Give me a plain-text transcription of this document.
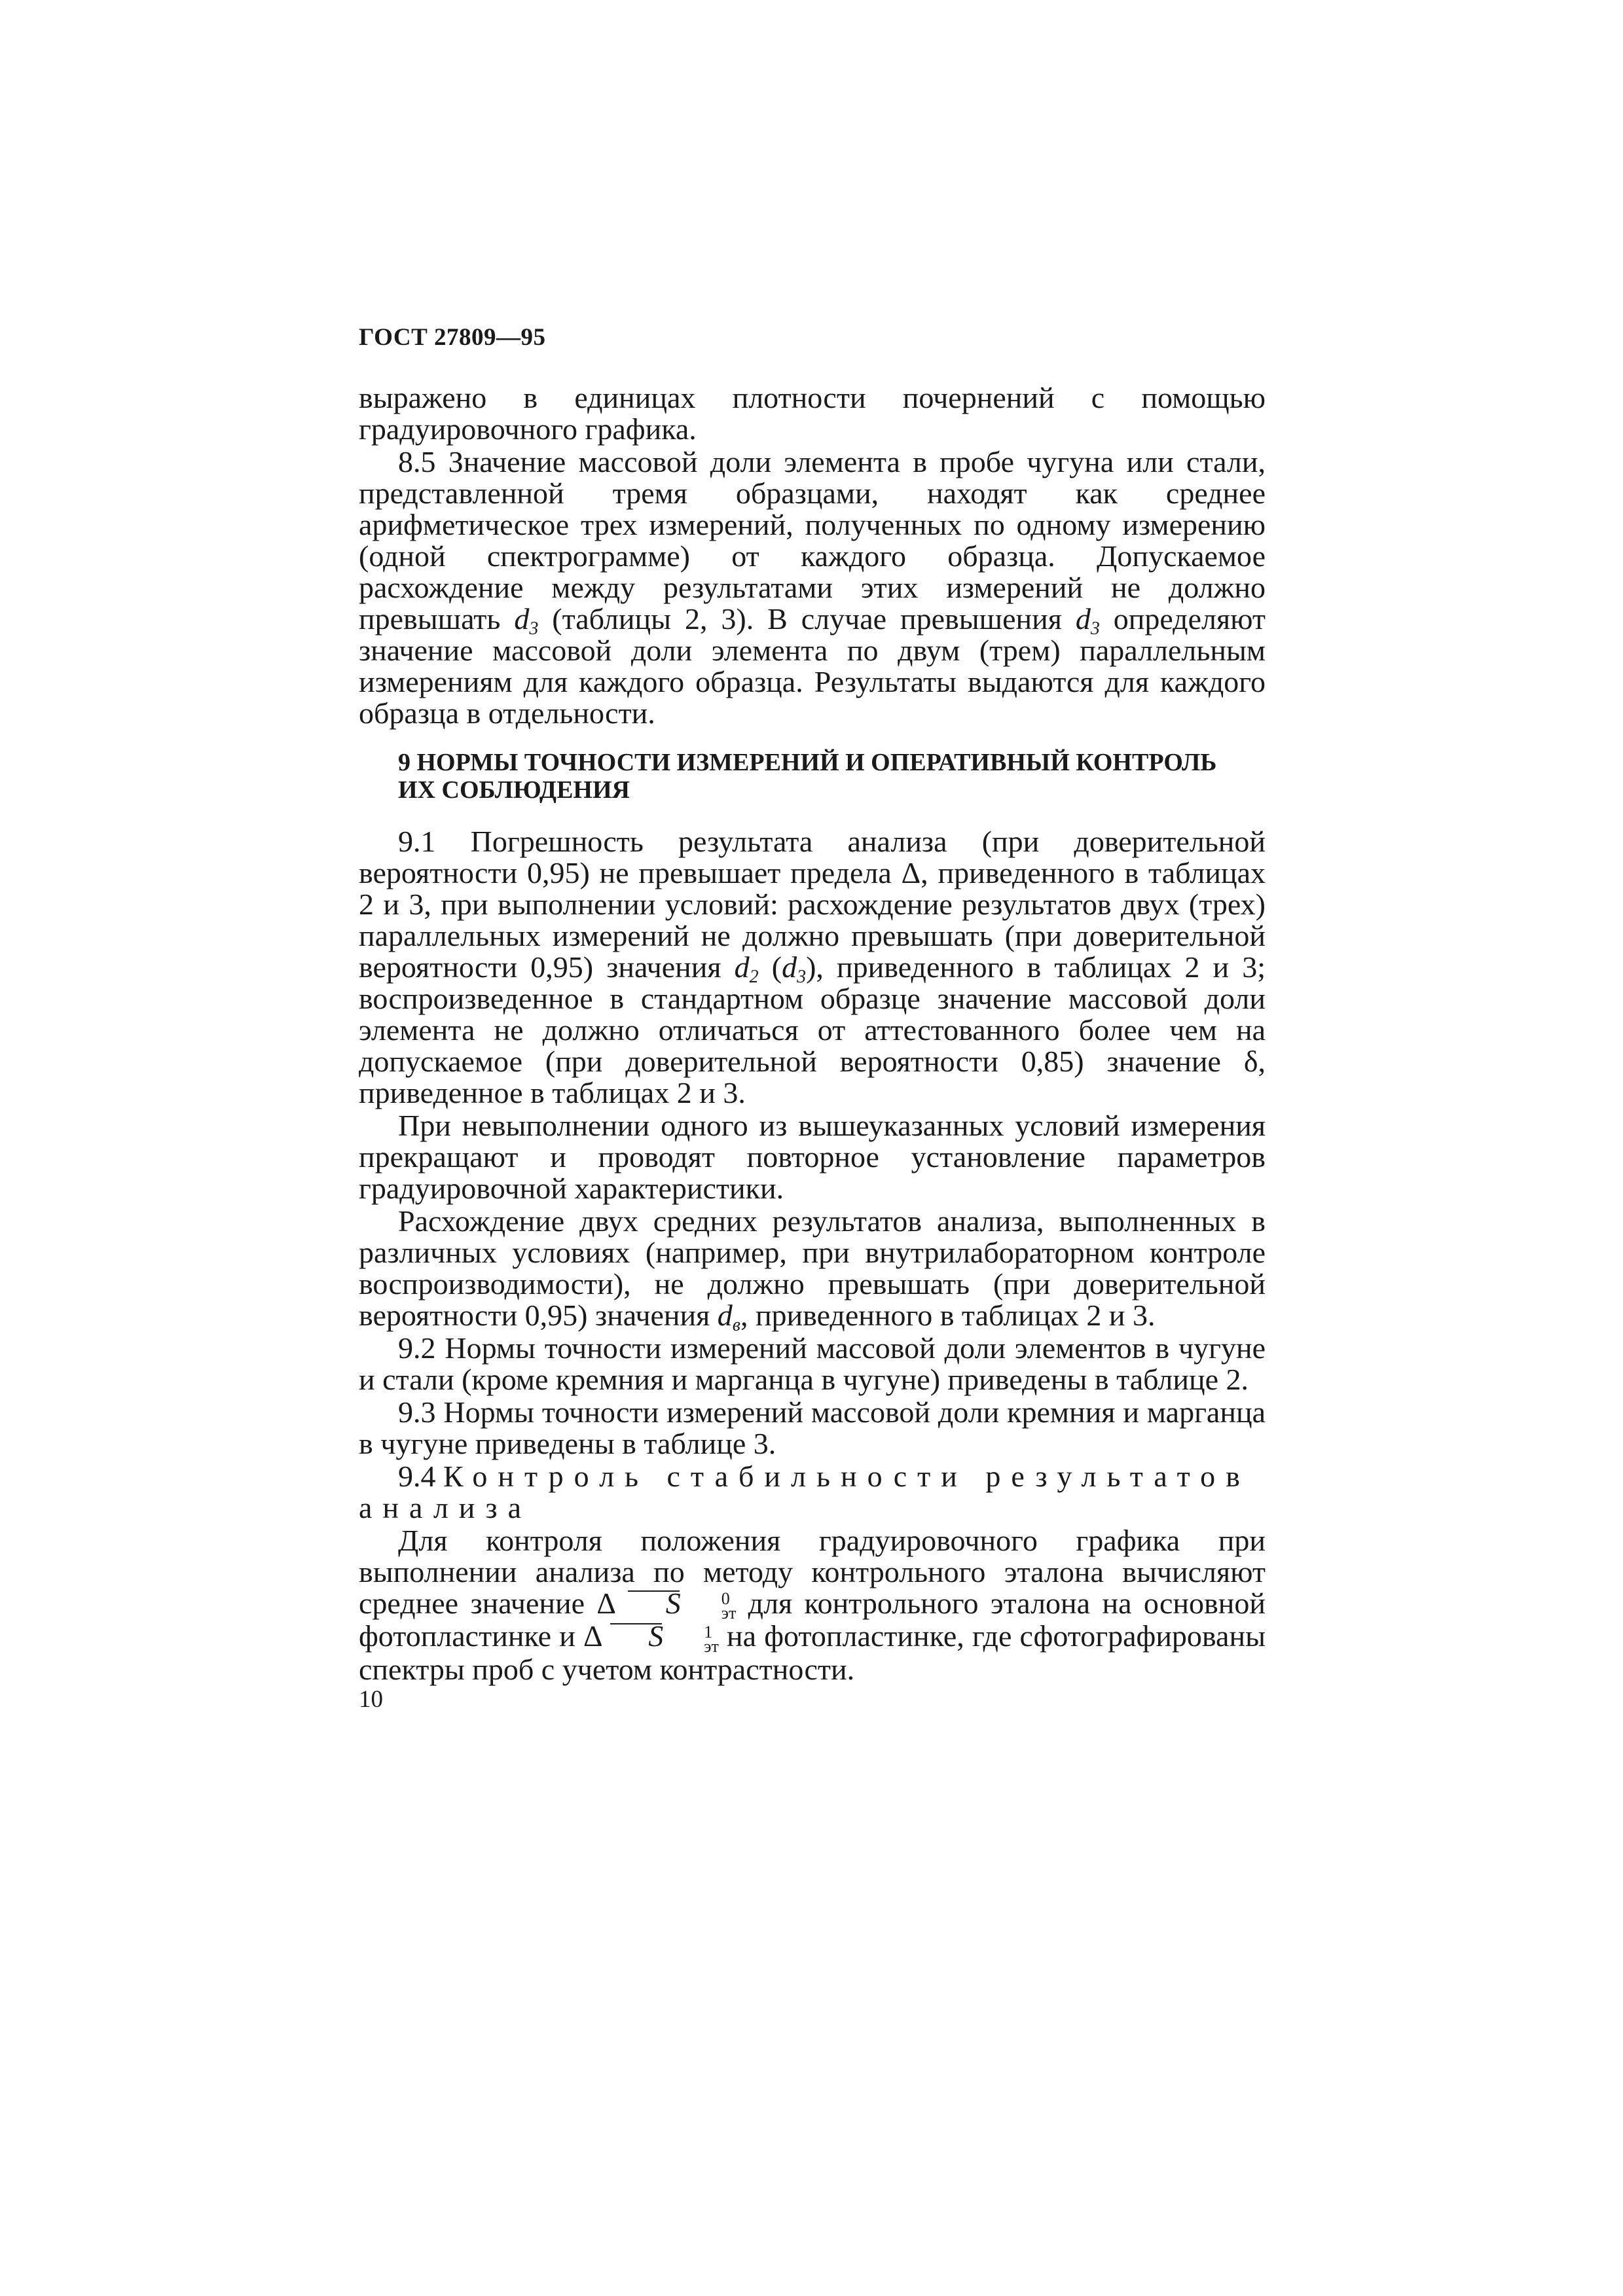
ГОСТ 27809—95

выражено в единицах плотности почернений с помощью градуировочного графика.

8.5 Значение массовой доли элемента в пробе чугуна или стали, представленной тремя образцами, находят как среднее арифметическое трех измерений, полученных по одному измерению (одной спектрограмме) от каждого образца. Допускаемое расхождение между результатами этих измерений не должно превышать $d_3$ (таблицы 2, 3). В случае превышения $d_3$ определяют значение массовой доли элемента по двум (трем) параллельным измерениям для каждого образца. Результаты выдаются для каждого образца в отдельности.

9 НОРМЫ ТОЧНОСТИ ИЗМЕРЕНИЙ И ОПЕРАТИВНЫЙ КОНТРОЛЬ
ИХ СОБЛЮДЕНИЯ

9.1 Погрешность результата анализа (при доверительной вероятности 0,95) не превышает предела Δ, приведенного в таблицах 2 и 3, при выполнении условий: расхождение результатов двух (трех) параллельных измерений не должно превышать (при доверительной вероятности 0,95) значения $d_2$ $(d_3)$, приведенного в таблицах 2 и 3; воспроизведенное в стандартном образце значение массовой доли элемента не должно отличаться от аттестованного более чем на допускаемое (при доверительной вероятности 0,85) значение δ, приведенное в таблицах 2 и 3.

При невыполнении одного из вышеуказанных условий измерения прекращают и проводят повторное установление параметров градуировочной характеристики.

Расхождение двух средних результатов анализа, выполненных в различных условиях (например, при внутрилабораторном контроле воспроизводимости), не должно превышать (при доверительной вероятности 0,95) значения $d_в$, приведенного в таблицах 2 и 3.

9.2 Нормы точности измерений массовой доли элементов в чугуне и стали (кроме кремния и марганца в чугуне) приведены в таблице 2.

9.3 Нормы точности измерений массовой доли кремния и марганца в чугуне приведены в таблице 3.

9.4 Контроль стабильности результатов анализа

Для контроля положения градуировочного графика при выполнении анализа по методу контрольного эталона вычисляют среднее значение Δ
S	0
эт для контрольного эталона на основной фотопластинке и Δ
S	1
эт на фотопластинке, где сфотографированы спектры проб с учетом контрастности.

10
